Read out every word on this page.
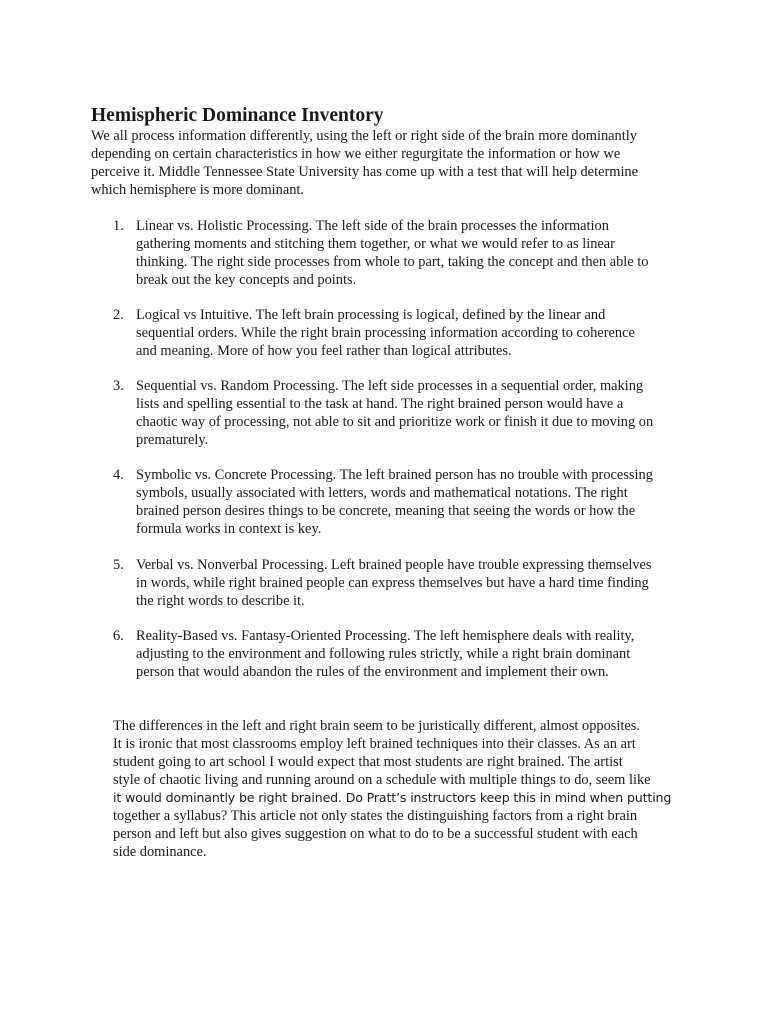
Hemispheric Dominance Inventory

We all process information differently, using the left or right side of the brain more dominantly
depending on certain characteristics in how we either regurgitate the information or how we
perceive it. Middle Tennessee State University has come up with a test that will help determine
which hemisphere is more dominant.

1. Linear vs. Holistic Processing. The left side of the brain processes the information
gathering moments and stitching them together, or what we would refer to as linear
thinking. The right side processes from whole to part, taking the concept and then able to
break out the key concepts and points.
2. Logical vs Intuitive. The left brain processing is logical, defined by the linear and
sequential orders. While the right brain processing information according to coherence
and meaning. More of how you feel rather than logical attributes.
3. Sequential vs. Random Processing. The left side processes in a sequential order, making
lists and spelling essential to the task at hand. The right brained person would have a
chaotic way of processing, not able to sit and prioritize work or finish it due to moving on
prematurely.
4. Symbolic vs. Concrete Processing. The left brained person has no trouble with processing
symbols, usually associated with letters, words and mathematical notations. The right
brained person desires things to be concrete, meaning that seeing the words or how the
formula works in context is key.
5. Verbal vs. Nonverbal Processing. Left brained people have trouble expressing themselves
in words, while right brained people can express themselves but have a hard time finding
the right words to describe it.
6. Reality-Based vs. Fantasy-Oriented Processing. The left hemisphere deals with reality,
adjusting to the environment and following rules strictly, while a right brain dominant
person that would abandon the rules of the environment and implement their own.

The differences in the left and right brain seem to be juristically different, almost opposites.
It is ironic that most classrooms employ left brained techniques into their classes. As an art
student going to art school I would expect that most students are right brained. The artist
style of chaotic living and running around on a schedule with multiple things to do, seem like
it would dominantly be right brained. Do Pratt’s instructors keep this in mind when putting
together a syllabus? This article not only states the distinguishing factors from a right brain
person and left but also gives suggestion on what to do to be a successful student with each
side dominance.
